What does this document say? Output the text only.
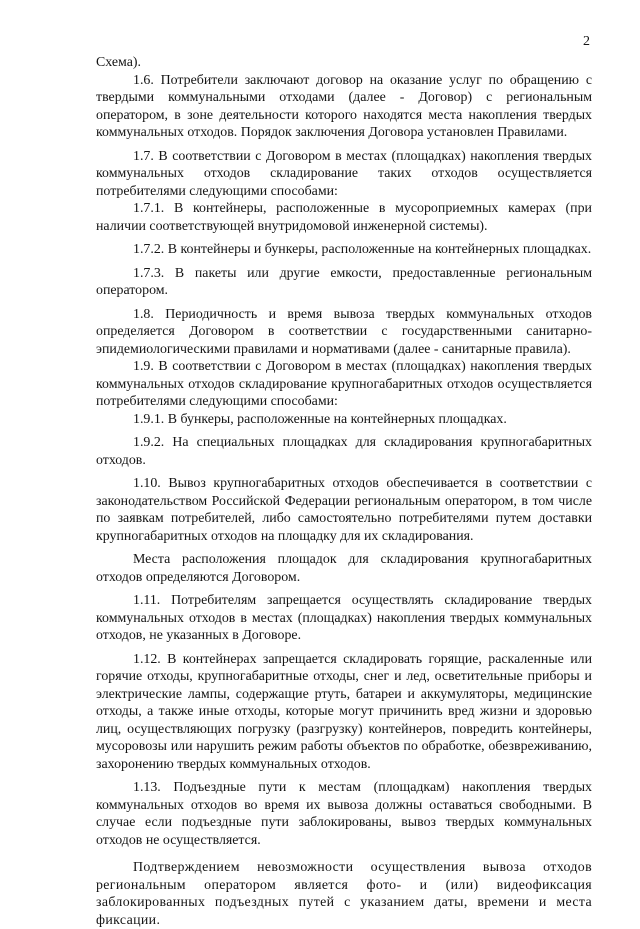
2

Схема).

1.6. Потребители заключают договор на оказание услуг по обращению с твердыми коммунальными отходами (далее - Договор) с региональным оператором, в зоне деятельности которого находятся места накопления твердых коммунальных отходов. Порядок заключения Договора установлен Правилами.

1.7. В соответствии с Договором в местах (площадках) накопления твердых коммунальных отходов складирование таких отходов осуществляется потребителями следующими способами:

1.7.1. В контейнеры, расположенные в мусороприемных камерах (при наличии соответствующей внутридомовой инженерной системы).

1.7.2. В контейнеры и бункеры, расположенные на контейнерных площадках.

1.7.3. В пакеты или другие емкости, предоставленные региональным оператором.

1.8. Периодичность и время вывоза твердых коммунальных отходов определяется Договором в соответствии с государственными санитарно-эпидемиологическими правилами и нормативами (далее - санитарные правила).

1.9. В соответствии с Договором в местах (площадках) накопления твердых коммунальных отходов складирование крупногабаритных отходов осуществляется потребителями следующими способами:

1.9.1. В бункеры, расположенные на контейнерных площадках.

1.9.2. На специальных площадках для складирования крупногабаритных отходов.

1.10. Вывоз крупногабаритных отходов обеспечивается в соответствии с законодательством Российской Федерации региональным оператором, в том числе по заявкам потребителей, либо самостоятельно потребителями путем доставки крупногабаритных отходов на площадку для их складирования.

Места расположения площадок для складирования крупногабаритных отходов определяются Договором.

1.11. Потребителям запрещается осуществлять складирование твердых коммунальных отходов в местах (площадках) накопления твердых коммунальных отходов, не указанных в Договоре.

1.12. В контейнерах запрещается складировать горящие, раскаленные или горячие отходы, крупногабаритные отходы, снег и лед, осветительные приборы и электрические лампы, содержащие ртуть, батареи и аккумуляторы, медицинские отходы, а также иные отходы, которые могут причинить вред жизни и здоровью лиц, осуществляющих погрузку (разгрузку) контейнеров, повредить контейнеры, мусоровозы или нарушить режим работы объектов по обработке, обезвреживанию, захоронению твердых коммунальных отходов.

1.13. Подъездные пути к местам (площадкам) накопления твердых коммунальных отходов во время их вывоза должны оставаться свободными. В случае если подъездные пути заблокированы, вывоз твердых коммунальных отходов не осуществляется.

Подтверждением невозможности осуществления вывоза отходов региональным оператором является фото- и (или) видеофиксация заблокированных подъездных путей с указанием даты, времени и места фиксации.
